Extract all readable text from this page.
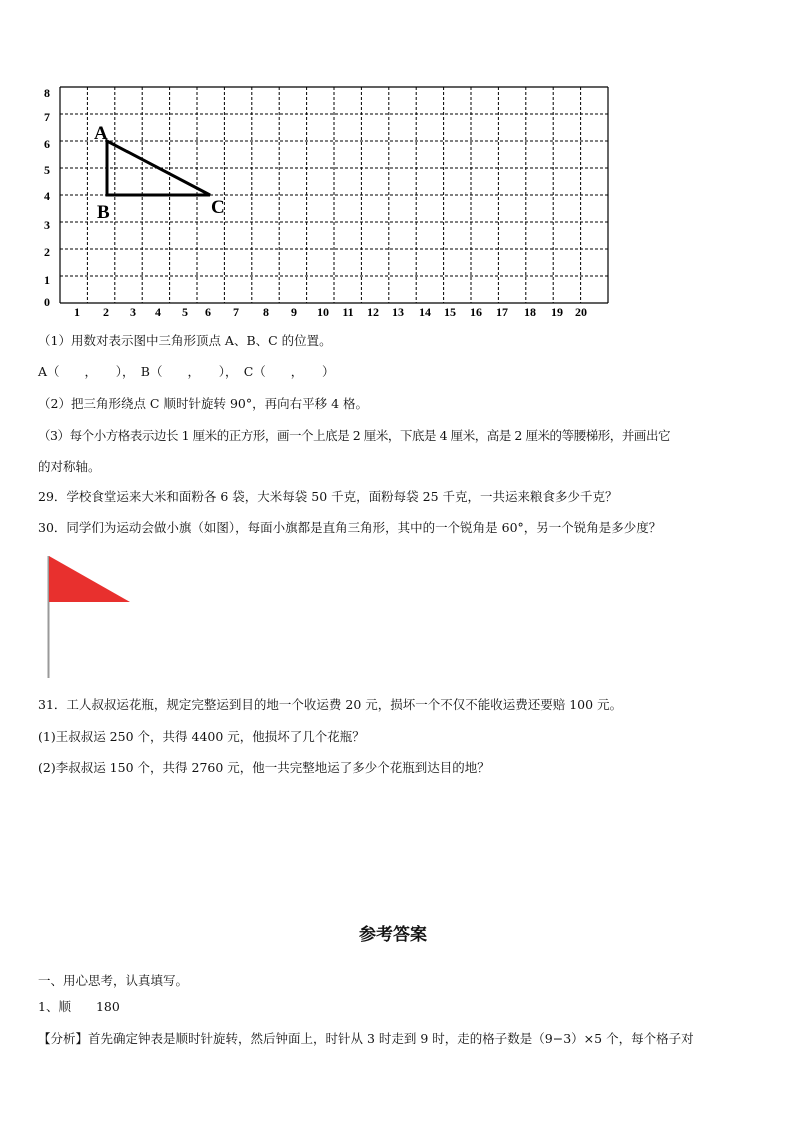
8
7
6
5
4
3
2
1
0
1 2 3 4 5 6 7 8 9 10 11 12 13 14 15 16 17 18 19 20
A
B	C
（1）用数对表示图中三角形顶点 A、B、C 的位置。
A（　　，　　），　B（　　，　　），　C（　　，　　）
（2）把三角形绕点 C 顺时针旋转 90°，再向右平移 4 格。
（3）每个小方格表示边长 1 厘米的正方形，画一个上底是 2 厘米，下底是 4 厘米，高是 2 厘米的等腰梯形，并画出它
的对称轴。
29．学校食堂运来大米和面粉各 6 袋，大米每袋 50 千克，面粉每袋 25 千克，一共运来粮食多少千克？
30．同学们为运动会做小旗（如图），每面小旗都是直角三角形，其中的一个锐角是 60°，另一个锐角是多少度？
31．工人叔叔运花瓶，规定完整运到目的地一个收运费 20 元，损坏一个不仅不能收运费还要赔 100 元。
(1)王叔叔运 250 个，共得 4400 元，他损坏了几个花瓶？
(2)李叔叔运 150 个，共得 2760 元，他一共完整地运了多少个花瓶到达目的地？
参考答案
一、用心思考，认真填写。
1、顺　　180
【分析】首先确定钟表是顺时针旋转，然后钟面上，时针从 3 时走到 9 时，走的格子数是（9−3）×5 个，每个格子对
